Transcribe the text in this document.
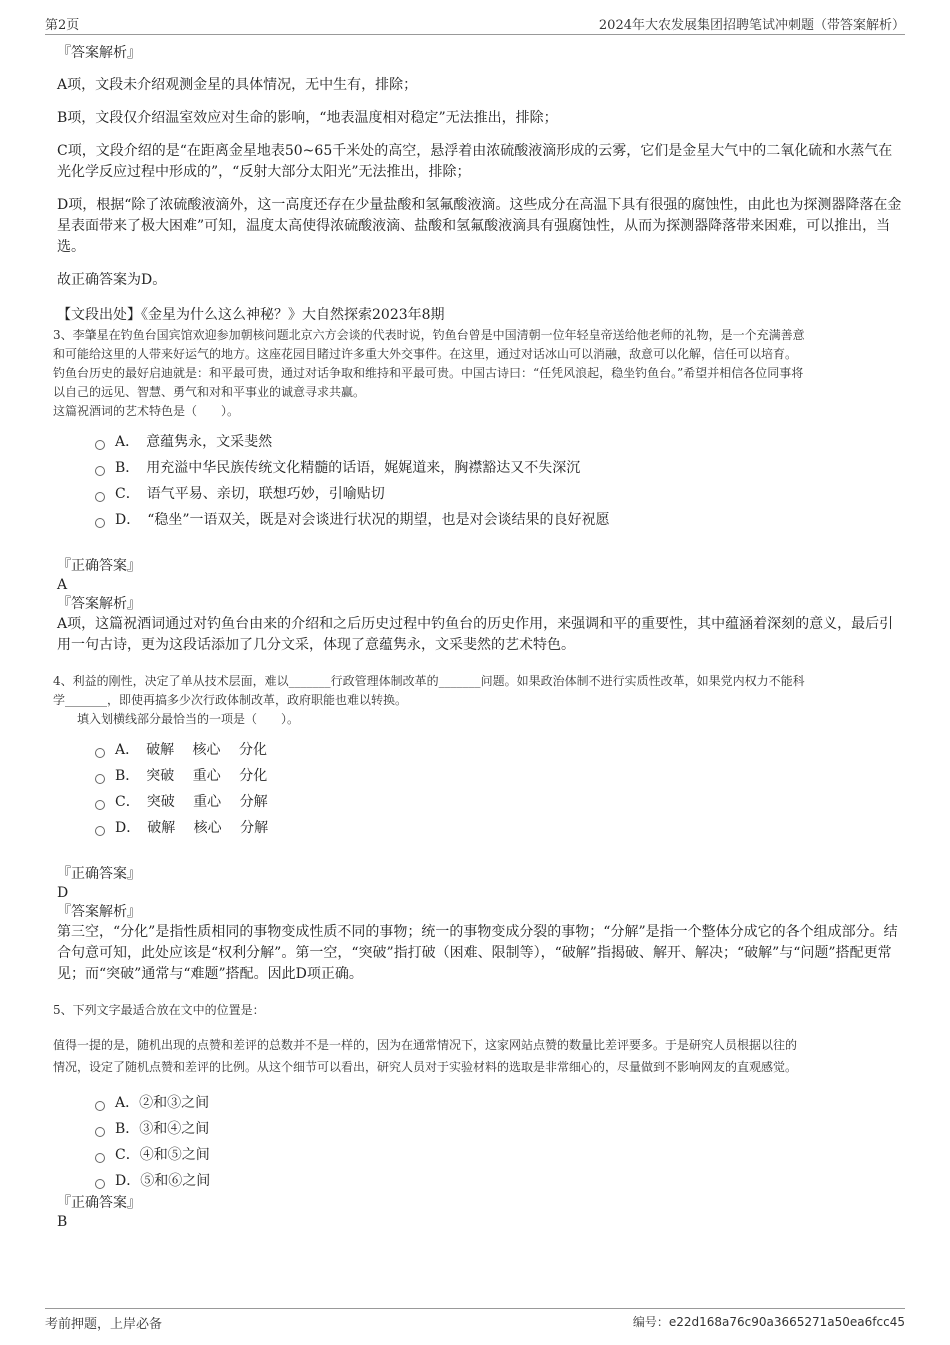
第2页	2024年大农发展集团招聘笔试冲刺题（带答案解析）
『答案解析』
A项，文段未介绍观测金星的具体情况，无中生有，排除；
B项，文段仅介绍温室效应对生命的影响，“地表温度相对稳定”无法推出，排除；
C项，文段介绍的是“在距离金星地表50~65千米处的高空，悬浮着由浓硫酸液滴形成的云雾，它们是金星大气中的二氧化硫和水蒸气在光化学反应过程中形成的”，“反射大部分太阳光”无法推出，排除；
D项，根据“除了浓硫酸液滴外，这一高度还存在少量盐酸和氢氟酸液滴。这些成分在高温下具有很强的腐蚀性，由此也为探测器降落在金星表面带来了极大困难”可知，温度太高使得浓硫酸液滴、盐酸和氢氟酸液滴具有强腐蚀性，从而为探测器降落带来困难，可以推出，当选。
故正确答案为D。
【文段出处】《金星为什么这么神秘？》大自然探索2023年8期
3、李肇星在钓鱼台国宾馆欢迎参加朝核问题北京六方会谈的代表时说，钓鱼台曾是中国清朝一位年轻皇帝送给他老师的礼物，是一个充满善意
和可能给这里的人带来好运气的地方。这座花园目睹过许多重大外交事件。在这里，通过对话冰山可以消融，敌意可以化解，信任可以培育。
钓鱼台历史的最好启迪就是：和平最可贵，通过对话争取和维持和平最可贵。中国古诗曰：“任凭风浪起，稳坐钓鱼台。”希望并相信各位同事将
以自己的远见、智慧、勇气和对和平事业的诚意寻求共赢。
这篇祝酒词的艺术特色是（　　）。
A．　意蕴隽永，文采斐然
B．　用充溢中华民族传统文化精髓的话语，娓娓道来，胸襟豁达又不失深沉
C．　语气平易、亲切，联想巧妙，引喻贴切
D．　“稳坐”一语双关，既是对会谈进行状况的期望，也是对会谈结果的良好祝愿
『正确答案』
A
『答案解析』
A项，这篇祝酒词通过对钓鱼台由来的介绍和之后历史过程中钓鱼台的历史作用，来强调和平的重要性，其中蕴涵着深刻的意义，最后引用一句古诗，更为这段话添加了几分文采，体现了意蕴隽永，文采斐然的艺术特色。
4、利益的刚性，决定了单从技术层面，难以_______行政管理体制改革的_______问题。如果政治体制不进行实质性改革，如果党内权力不能科
学_______，即使再搞多少次行政体制改革，政府职能也难以转换。
　　填入划横线部分最恰当的一项是（　　）。
A．　破解　 核心　 分化
B．　突破　 重心　 分化
C．　突破　 重心　 分解
D．　破解　 核心　 分解
『正确答案』
D
『答案解析』
第三空，“分化”是指性质相同的事物变成性质不同的事物；统一的事物变成分裂的事物；“分解”是指一个整体分成它的各个组成部分。结合句意可知，此处应该是“权利分解”。第一空，“突破”指打破（困难、限制等），“破解”指揭破、解开、解决；“破解”与“问题”搭配更常见；而“突破”通常与“难题”搭配。因此D项正确。
5、下列文字最适合放在文中的位置是：
值得一提的是，随机出现的点赞和差评的总数并不是一样的，因为在通常情况下，这家网站点赞的数量比差评要多。于是研究人员根据以往的
情况，设定了随机点赞和差评的比例。从这个细节可以看出，研究人员对于实验材料的选取是非常细心的，尽量做到不影响网友的直观感觉。
A．②和③之间
B．③和④之间
C．④和⑤之间
D．⑤和⑥之间
『正确答案』
B
考前押题，上岸必备	编号：e22d168a76c90a3665271a50ea6fcc45
